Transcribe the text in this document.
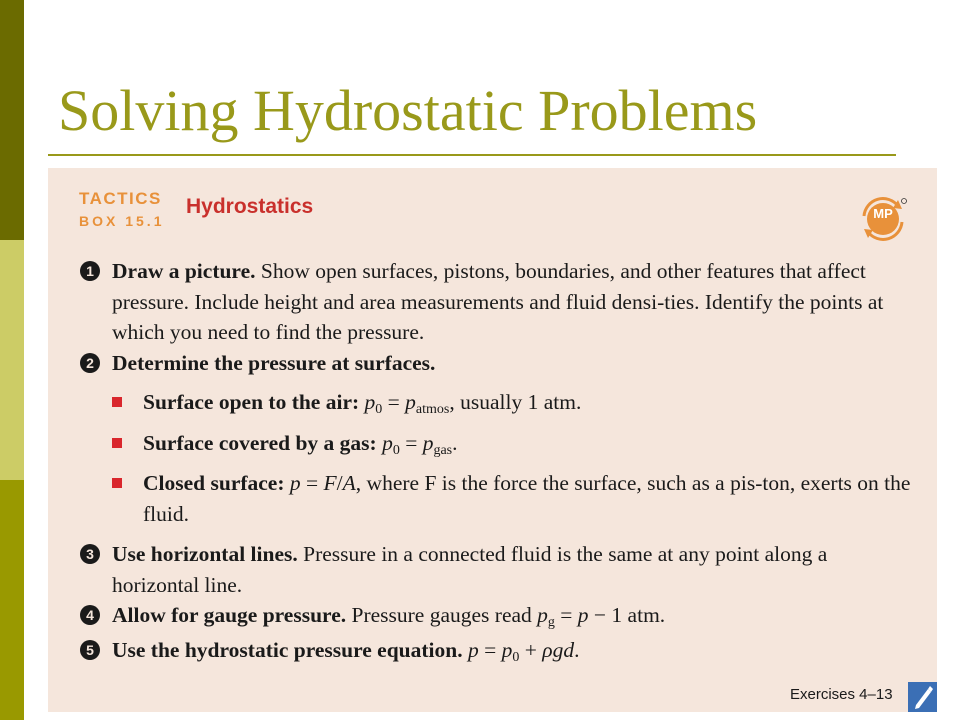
Solving Hydrostatic Problems
TACTICS
BOX 15.1
Hydrostatics	MP
1 Draw a picture. Show open surfaces, pistons, boundaries, and other features that affect pressure. Include height and area measurements and fluid densi-ties. Identify the points at which you need to find the pressure.
2 Determine the pressure at surfaces.
Surface open to the air: p0 = patmos, usually 1 atm.
Surface covered by a gas: p0 = pgas.
Closed surface: p = F/A, where F is the force the surface, such as a pis-ton, exerts on the fluid.
3 Use horizontal lines. Pressure in a connected fluid is the same at any point along a horizontal line.
4 Allow for gauge pressure. Pressure gauges read pg = p − 1 atm.
5 Use the hydrostatic pressure equation. p = p0 + ρgd.
Exercises 4–13
